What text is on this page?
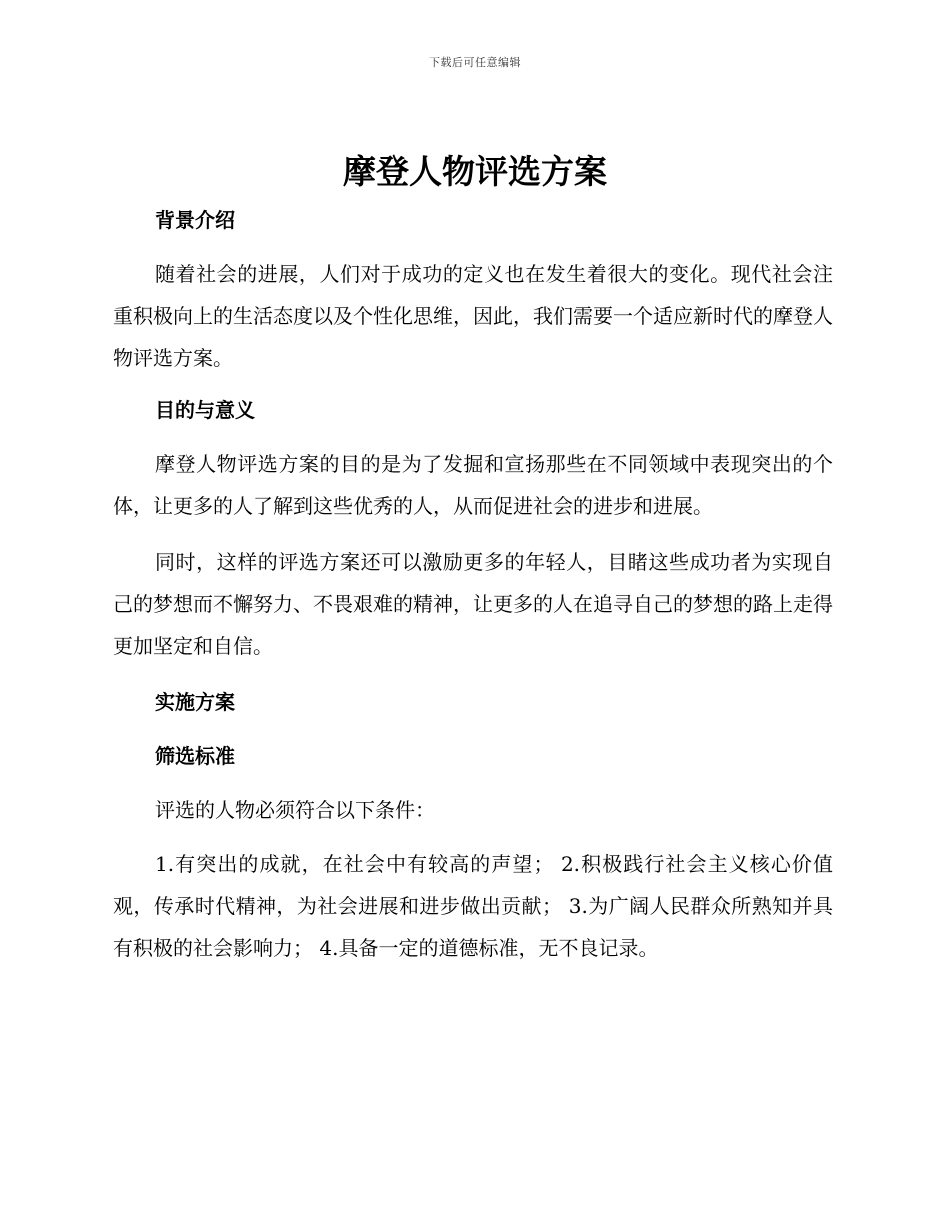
下载后可任意编辑
摩登人物评选方案
背景介绍

随着社会的进展，人们对于成功的定义也在发生着很大的变化。现代社会注重积极向上的生活态度以及个性化思维，因此，我们需要一个适应新时代的摩登人物评选方案。

目的与意义

摩登人物评选方案的目的是为了发掘和宣扬那些在不同领域中表现突出的个体，让更多的人了解到这些优秀的人，从而促进社会的进步和进展。

同时，这样的评选方案还可以激励更多的年轻人，目睹这些成功者为实现自己的梦想而不懈努力、不畏艰难的精神，让更多的人在追寻自己的梦想的路上走得更加坚定和自信。

实施方案
筛选标准

评选的人物必须符合以下条件：

1.有突出的成就，在社会中有较高的声望； 2.积极践行社会主义核心价值观，传承时代精神，为社会进展和进步做出贡献； 3.为广阔人民群众所熟知并具有积极的社会影响力； 4.具备一定的道德标准，无不良记录。
